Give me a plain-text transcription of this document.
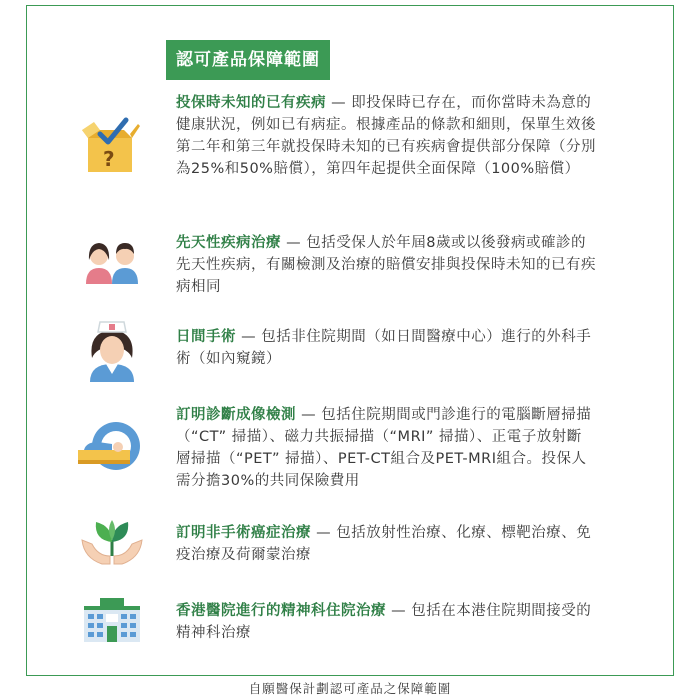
認可產品保障範圍
?
投保時未知的已有疾病 — 即投保時已存在，而你當時未為意的健康狀況，例如已有病症。根據產品的條款和細則，保單生效後第二年和第三年就投保時未知的已有疾病會提供部分保障（分別為25%和50%賠償），第四年起提供全面保障（100%賠償）
先天性疾病治療 — 包括受保人於年屆8歲或以後發病或確診的先天性疾病，有關檢測及治療的賠償安排與投保時未知的已有疾病相同
日間手術 — 包括非住院期間（如日間醫療中心）進行的外科手術（如內窺鏡）
訂明診斷成像檢測 — 包括住院期間或門診進行的電腦斷層掃描（“CT” 掃描）、磁力共振掃描（“MRI” 掃描）、正電子放射斷層掃描（“PET” 掃描）、PET-CT組合及PET-MRI組合。投保人需分擔30%的共同保險費用
訂明非手術癌症治療 — 包括放射性治療、化療、標靶治療、免疫治療及荷爾蒙治療
香港醫院進行的精神科住院治療 — 包括在本港住院期間接受的精神科治療
自願醫保計劃認可產品之保障範圍
